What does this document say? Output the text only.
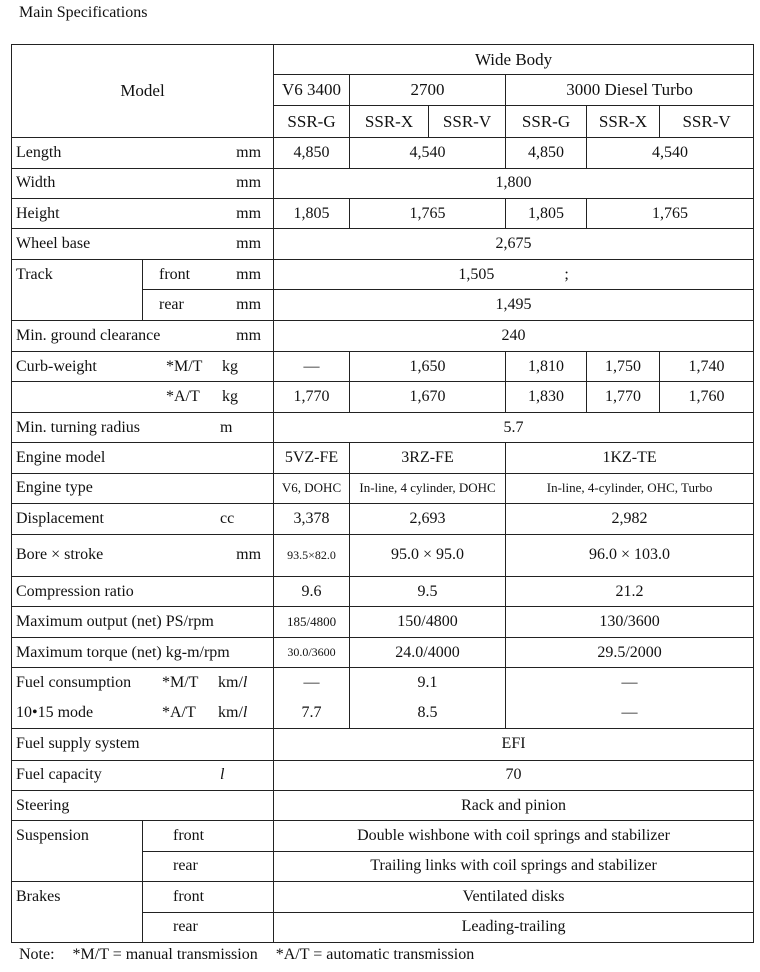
Main Specifications
Model		Wide Body					
		V6 3400	2700		3000 Diesel Turbo		
		SSR-G	SSR-X	SSR-V	SSR-G	SSR-X	SSR-V

Length mm		4,850	4,540		4,850	4,540	

Width mm		1,800					

Height mm		1,805	1,765		1,805	1,765	

Wheel base mm		2,675					
Track	front mm	1,505 ;					

	rear mm	1,495					

Min. ground clearance mm		240					

Curb-weight *M/T kg		—	1,650		1,810	1,750	1,740

*A/T kg		1,770	1,670		1,830	1,770	1,760

Min. turning radius m		5.7					
Engine model		5VZ-FE	3RZ-FE		1KZ-TE		
Engine type		V6, DOHC	In-line, 4 cylinder, DOHC		In-line, 4-cylinder, OHC, Turbo		

Displacement cc		3,378	2,693		2,982		

Bore × stroke mm		93.5×82.0	95.0 × 95.0		96.0 × 103.0		
Compression ratio		9.6	9.5		21.2		
Maximum output (net) PS/rpm		185/4800	150/4800		130/3600		
Maximum torque (net) kg-m/rpm		30.0/3600	24.0/4000		29.5/2000		

Fuel consumption *M/T km/l		—	9.1		—		

10•15 mode *A/T km/l		7.7	8.5		—		
Fuel supply system		EFI					

Fuel capacity l		70					
Steering		Rack and pinion					
Suspension	front	Double wishbone with coil springs and stabilizer					
	rear	Trailing links with coil springs and stabilizer					
Brakes	front	Ventilated disks					
	rear	Leading-trailing					
Note: *M/T = manual transmission *A/T = automatic transmission
